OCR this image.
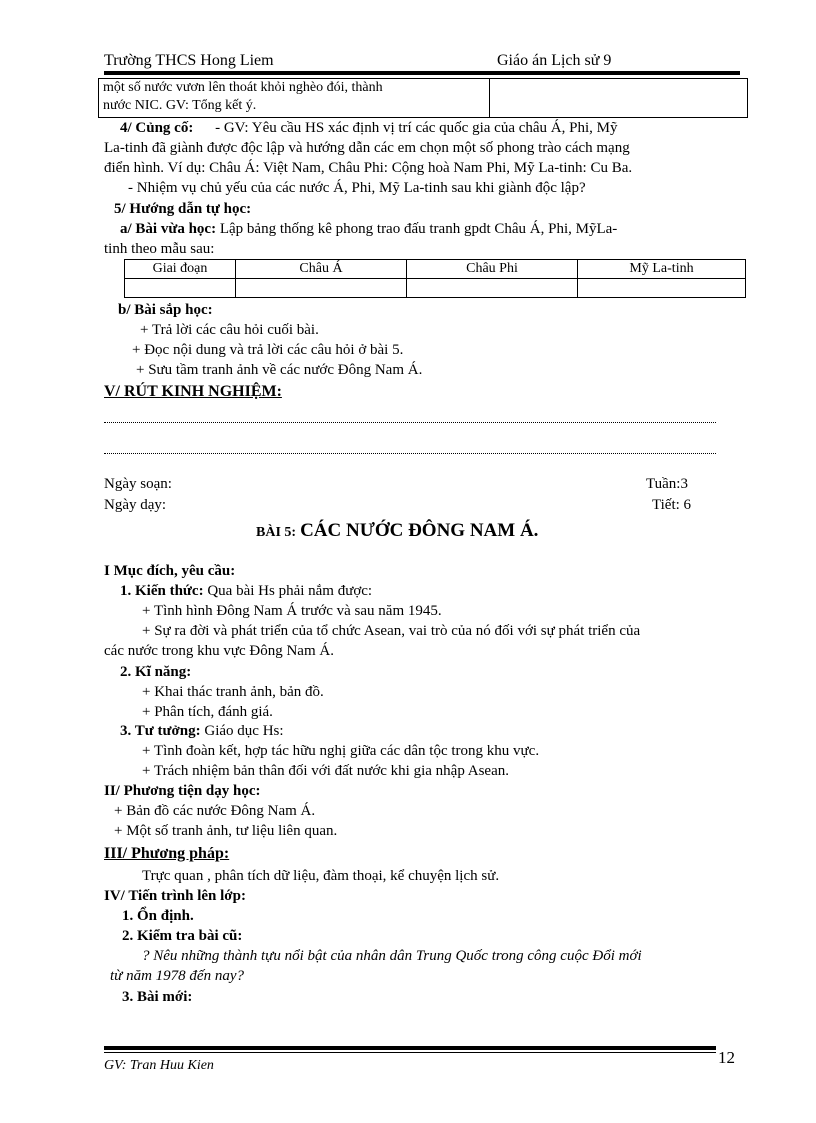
Trường THCS Hong Liem	Giáo án Lịch sử 9
một số nước vươn lên thoát khỏi nghèo đói, thành
nước NIC. GV: Tổng kết ý.

4/ Củng cố: - GV: Yêu cầu HS xác định vị trí các quốc gia của châu Á, Phi, Mỹ
La-tinh đã giành được độc lập và hướng dẫn các em chọn một số phong trào cách mạng
điển hình. Ví dụ: Châu Á: Việt Nam, Châu Phi: Cộng hoà Nam Phi, Mỹ La-tinh: Cu Ba.
- Nhiệm vụ chủ yếu của các nước Á, Phi, Mỹ La-tinh sau khi giành độc lập?
5/ Hướng dẫn tự học:
a/ Bài vừa học: Lập bảng thống kê phong trao đấu tranh gpdt Châu Á, Phi, MỹLa-
tinh theo mẫu sau:
Giai đoạn	Châu Á	Châu Phi	Mỹ La-tinh

b/ Bài sắp học:
+ Trả lời các câu hỏi cuối bài.
+ Đọc nội dung và trả lời các câu hỏi ở bài 5.
+ Sưu tầm tranh ảnh về các nước Đông Nam Á.
V/ RÚT KINH NGHIỆM:
Ngày soạn:	Tuần:3
Ngày dạy:	Tiết: 6
BÀI 5: CÁC NƯỚC ĐÔNG NAM Á.
I Mục đích, yêu cầu:
1. Kiến thức: Qua bài Hs phải nắm được:
+ Tình hình Đông Nam Á trước và sau năm 1945.
+ Sự ra đời và phát triển của tổ chức Asean, vai trò của nó đối với sự phát triển của
các nước trong khu vực Đông Nam Á.
2. Kĩ năng:
+ Khai thác tranh ảnh, bản đồ.
+ Phân tích, đánh giá.
3. Tư tưởng: Giáo dục Hs:
+ Tình đoàn kết, hợp tác hữu nghị giữa các dân tộc trong khu vực.
+ Trách nhiệm bản thân đối với đất nước khi gia nhập Asean.
II/ Phương tiện dạy học:
+ Bản đồ các nước Đông Nam Á.
+ Một số tranh ảnh, tư liệu liên quan.
III/ Phương pháp:
Trực quan , phân tích dữ liệu, đàm thoại, kể chuyện lịch sử.
IV/ Tiến trình lên lớp:
1. Ổn định.
2. Kiểm tra bài cũ:
? Nêu những thành tựu nổi bật của nhân dân Trung Quốc trong công cuộc Đổi mới
từ năm 1978 đến nay?
3. Bài mới:
GV: Tran Huu Kien	12
